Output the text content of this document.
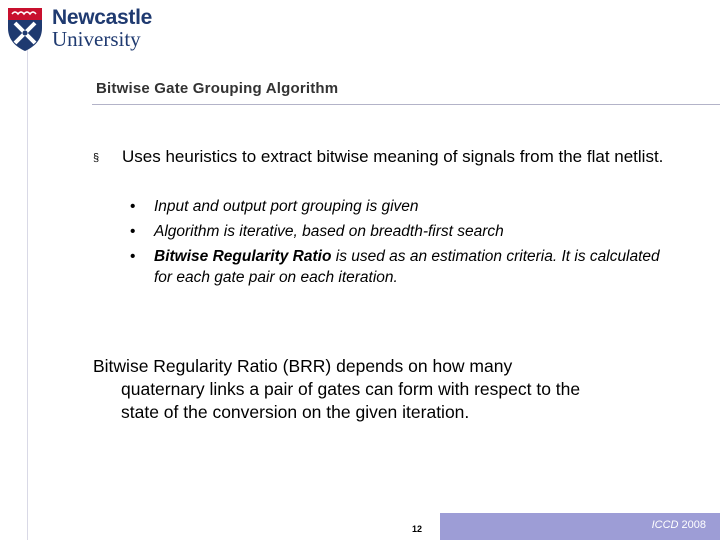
Newcastle
University
Bitwise Gate Grouping Algorithm
§ Uses heuristics to extract bitwise meaning of signals from the flat netlist.
• Input and output port grouping is given
• Algorithm is iterative, based on breadth-first search
• Bitwise Regularity Ratio is used as an estimation criteria. It is calculated for each gate pair on each iteration.
Bitwise Regularity Ratio (BRR) depends on how many
quaternary links a pair of gates can form with respect to the
state of the conversion on the given iteration.
12	ICCD 2008
